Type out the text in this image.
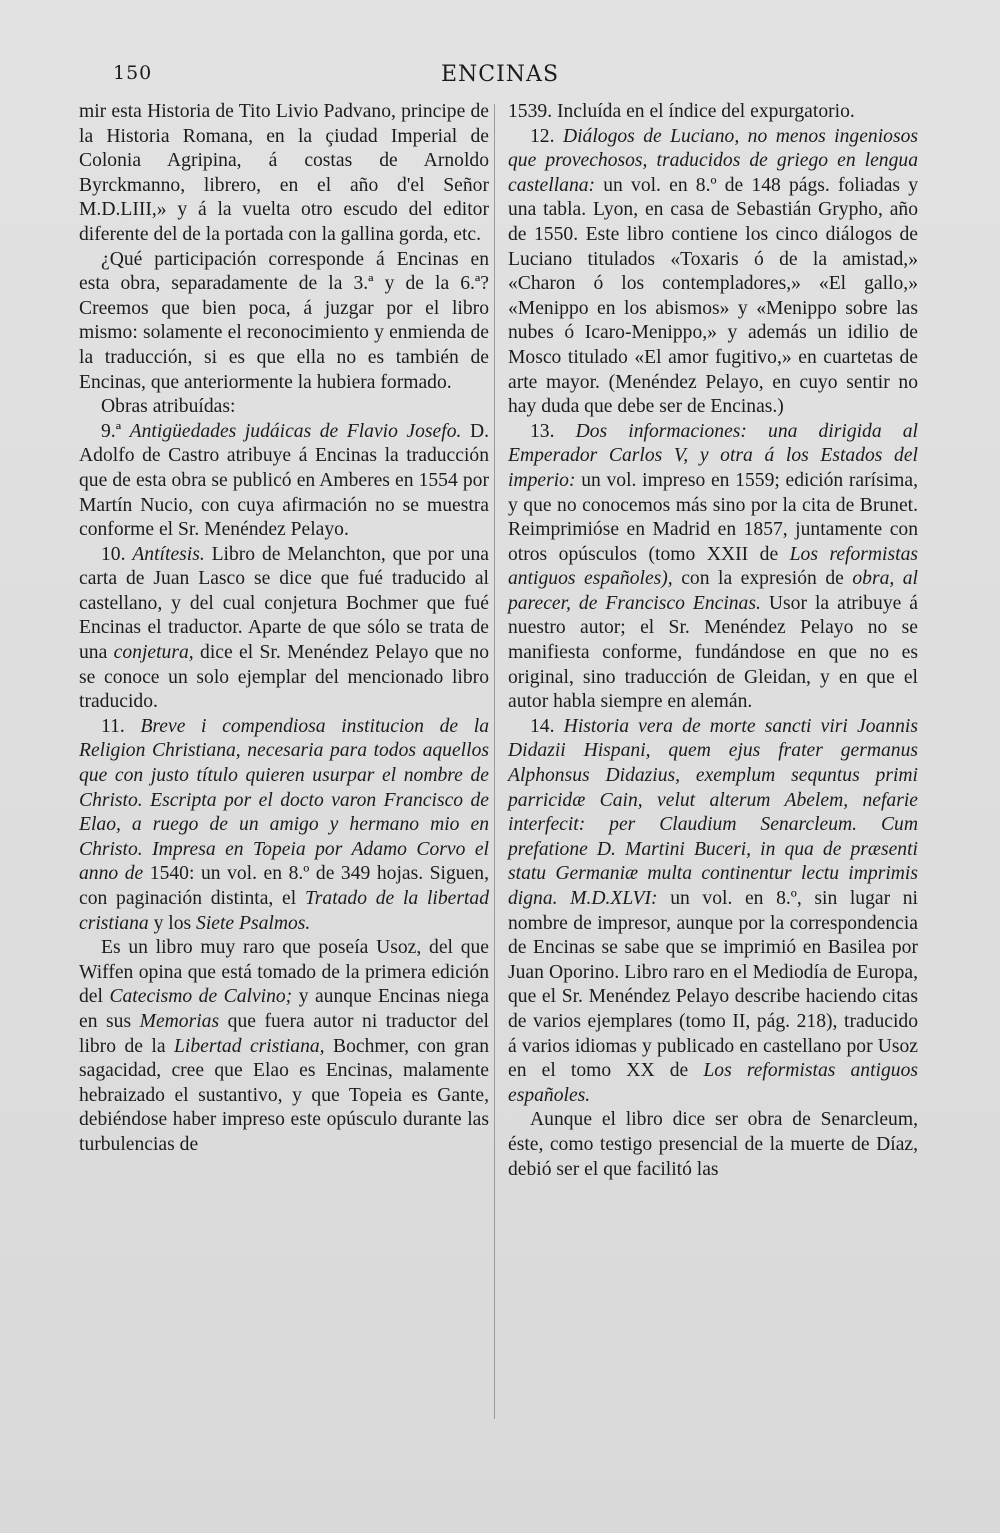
150	ENCINAS

mir esta Historia de Tito Livio Padvano, principe de la Historia Romana, en la çiudad Imperial de Colonia Agripina, á costas de Arnoldo Byrckmanno, librero, en el año d'el Señor M.D.LIII,» y á la vuelta otro escudo del editor diferente del de la portada con la gallina gorda, etc.

¿Qué participación corresponde á Encinas en esta obra, separadamente de la 3.ª y de la 6.ª? Creemos que bien poca, á juzgar por el libro mismo: solamente el reconocimiento y enmienda de la traducción, si es que ella no es también de Encinas, que anteriormente la hubiera formado.

Obras atribuídas:

9.ª Antigüedades judáicas de Flavio Josefo. D. Adolfo de Castro atribuye á Encinas la traducción que de esta obra se publicó en Amberes en 1554 por Martín Nucio, con cuya afirmación no se muestra conforme el Sr. Menéndez Pelayo.

10. Antítesis. Libro de Melanchton, que por una carta de Juan Lasco se dice que fué traducido al castellano, y del cual conjetura Bochmer que fué Encinas el traductor. Aparte de que sólo se trata de una conjetura, dice el Sr. Menéndez Pelayo que no se conoce un solo ejemplar del mencionado libro traducido.

11. Breve i compendiosa institucion de la Religion Christiana, necesaria para todos aquellos que con justo título quieren usurpar el nombre de Christo. Escripta por el docto varon Francisco de Elao, a ruego de un amigo y hermano mio en Christo. Impresa en Topeia por Adamo Corvo el anno de 1540: un vol. en 8.º de 349 hojas. Siguen, con paginación distinta, el Tratado de la libertad cristiana y los Siete Psalmos.

Es un libro muy raro que poseía Usoz, del que Wiffen opina que está tomado de la primera edición del Catecismo de Calvino; y aunque Encinas niega en sus Memorias que fuera autor ni traductor del libro de la Libertad cristiana, Bochmer, con gran sagacidad, cree que Elao es Encinas, malamente hebraizado el sustantivo, y que Topeia es Gante, debiéndose haber impreso este opúsculo durante las turbulencias de

1539. Incluída en el índice del expurgatorio.

12. Diálogos de Luciano, no menos ingeniosos que provechosos, traducidos de griego en lengua castellana: un vol. en 8.º de 148 págs. foliadas y una tabla. Lyon, en casa de Sebastián Grypho, año de 1550. Este libro contiene los cinco diálogos de Luciano titulados «Toxaris ó de la amistad,» «Charon ó los contempladores,» «El gallo,» «Menippo en los abismos» y «Menippo sobre las nubes ó Icaro-Menippo,» y además un idilio de Mosco titulado «El amor fugitivo,» en cuartetas de arte mayor. (Menéndez Pelayo, en cuyo sentir no hay duda que debe ser de Encinas.)

13. Dos informaciones: una dirigida al Emperador Carlos V, y otra á los Estados del imperio: un vol. impreso en 1559; edición rarísima, y que no conocemos más sino por la cita de Brunet. Reimprimióse en Madrid en 1857, juntamente con otros opúsculos (tomo XXII de Los reformistas antiguos españoles), con la expresión de obra, al parecer, de Francisco Encinas. Usor la atribuye á nuestro autor; el Sr. Menéndez Pelayo no se manifiesta conforme, fundándose en que no es original, sino traducción de Gleidan, y en que el autor habla siempre en alemán.

14. Historia vera de morte sancti viri Joannis Didazii Hispani, quem ejus frater germanus Alphonsus Didazius, exemplum sequntus primi parricidæ Cain, velut alterum Abelem, nefarie interfecit: per Claudium Senarcleum. Cum prefatione D. Martini Buceri, in qua de præsenti statu Germaniæ multa continentur lectu imprimis digna. M.D.XLVI: un vol. en 8.º, sin lugar ni nombre de impresor, aunque por la correspondencia de Encinas se sabe que se imprimió en Basilea por Juan Oporino. Libro raro en el Mediodía de Europa, que el Sr. Menéndez Pelayo describe haciendo citas de varios ejemplares (tomo II, pág. 218), traducido á varios idiomas y publicado en castellano por Usoz en el tomo XX de Los reformistas antiguos españoles.

Aunque el libro dice ser obra de Senarcleum, éste, como testigo presencial de la muerte de Díaz, debió ser el que facilitó las
